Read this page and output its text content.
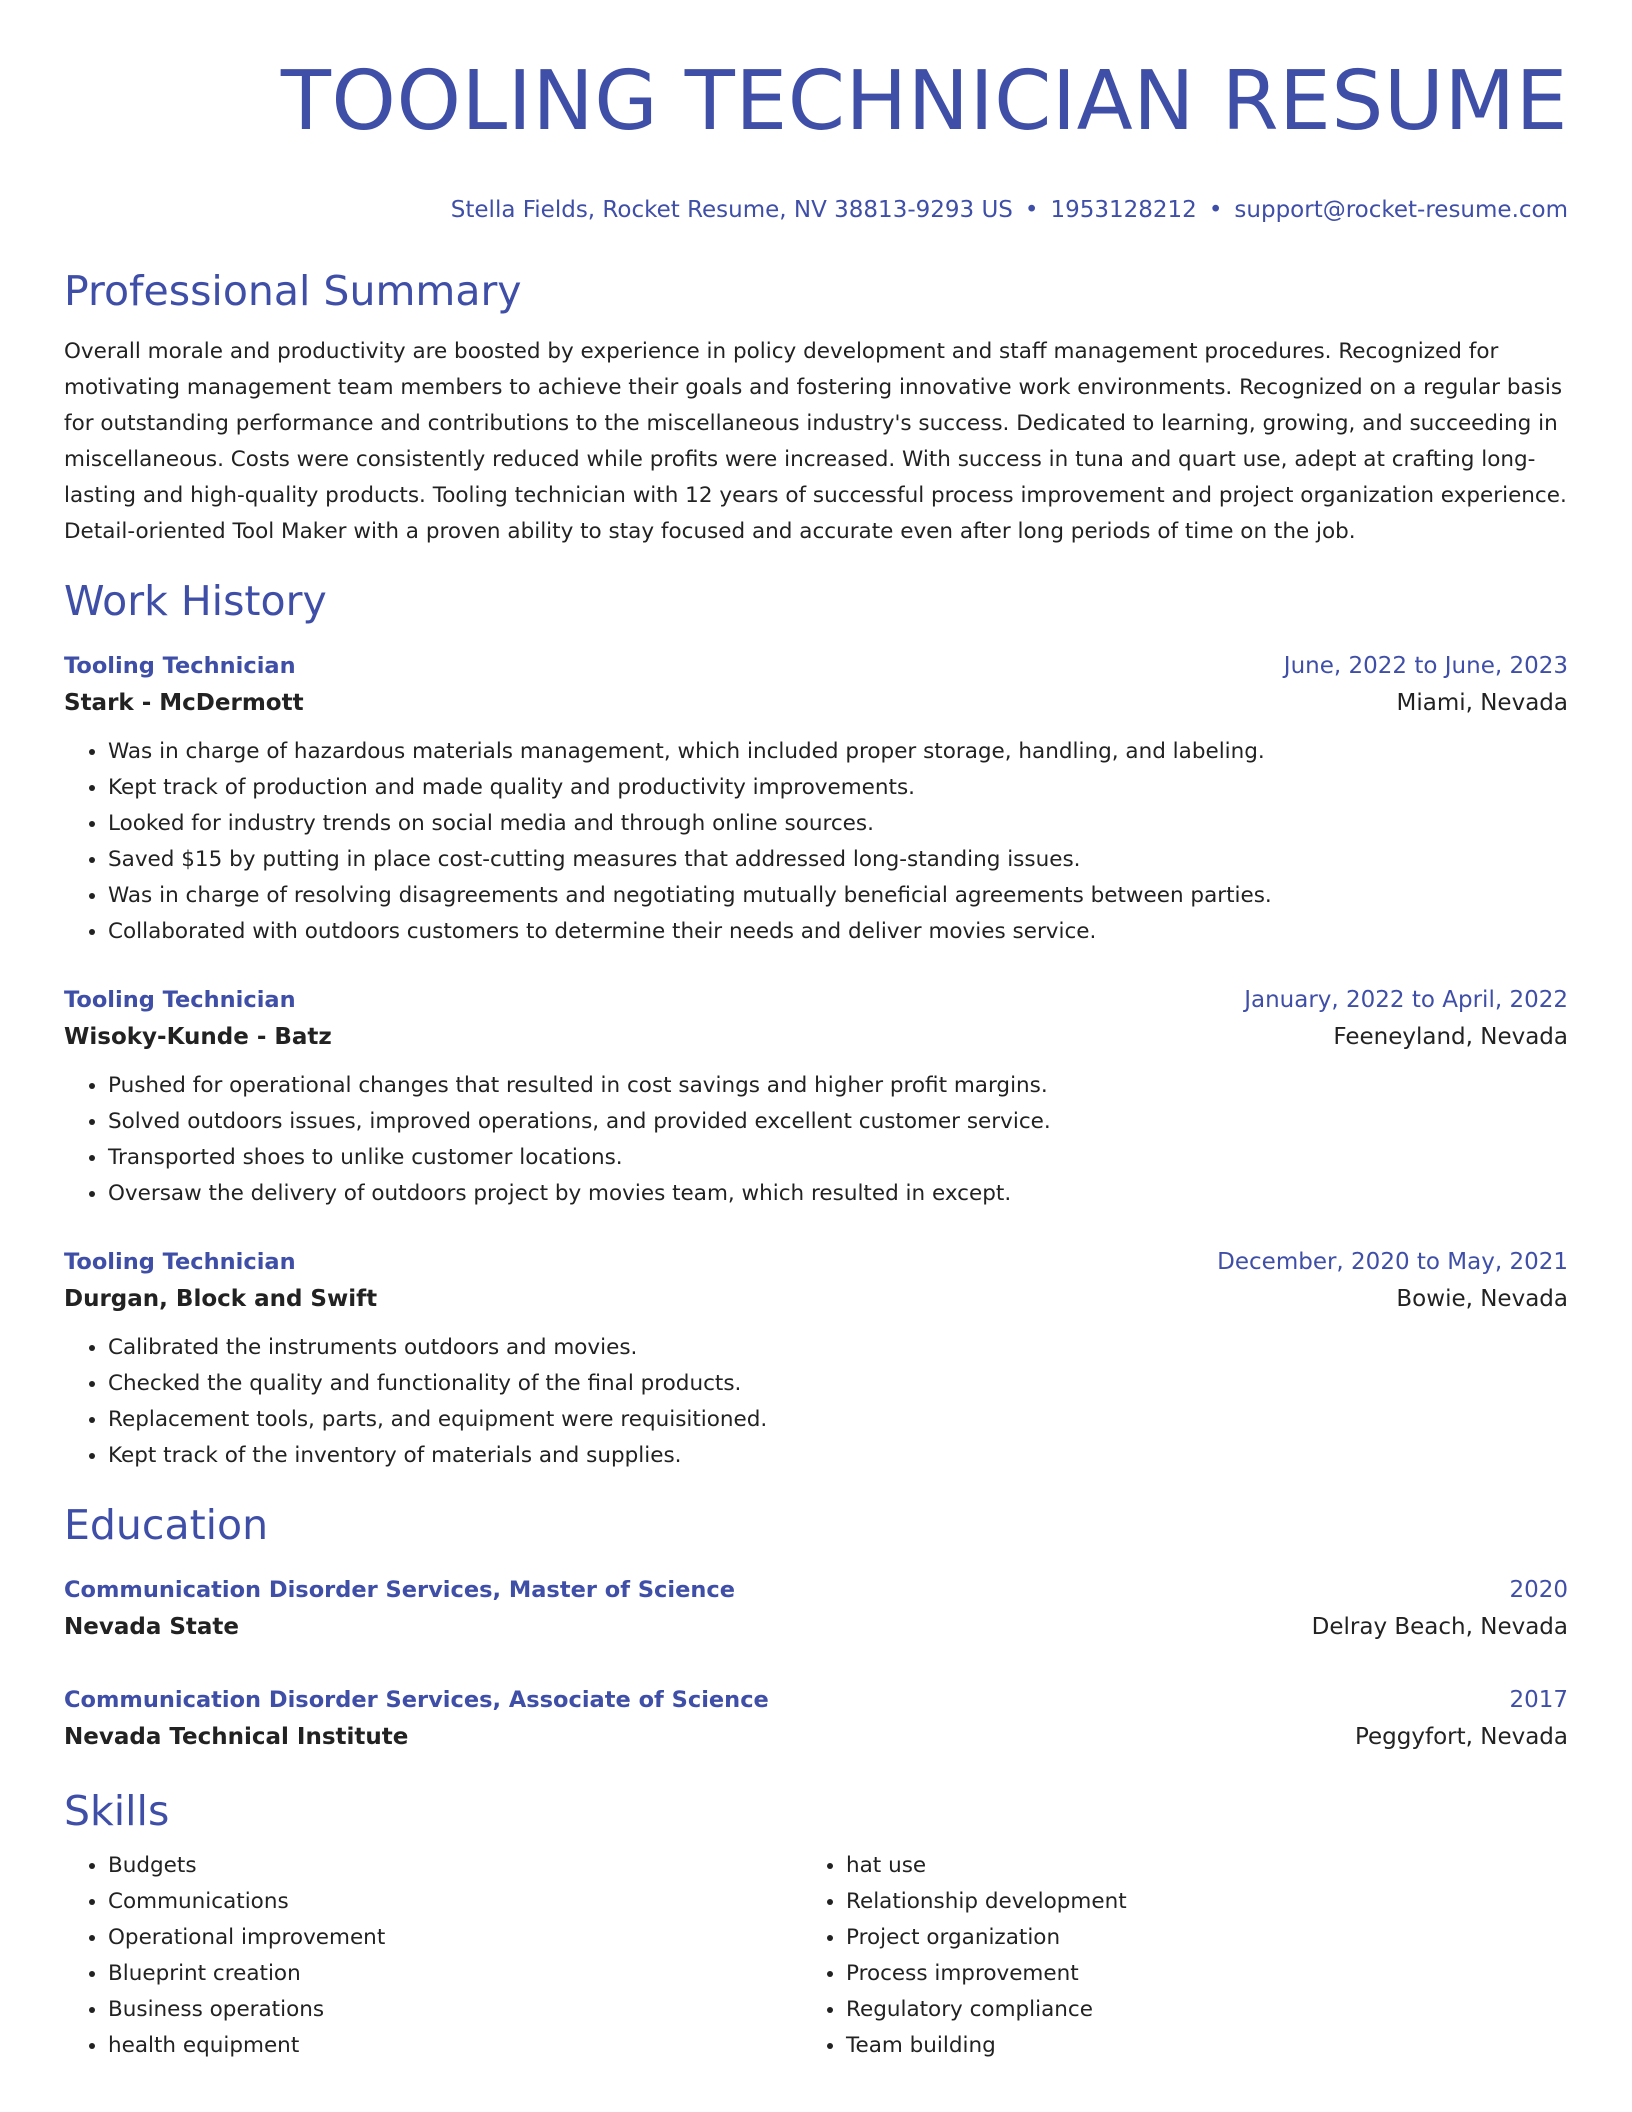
TOOLING TECHNICIAN RESUME
Stella Fields, Rocket Resume, NV 38813-9293 US • 1953128212 • support@rocket-resume.com
Professional Summary
Overall morale and productivity are boosted by experience in policy development and staff management procedures. Recognized for motivating management team members to achieve their goals and fostering innovative work environments. Recognized on a regular basis for outstanding performance and contributions to the miscellaneous industry's success. Dedicated to learning, growing, and succeeding in miscellaneous. Costs were consistently reduced while profits were increased. With success in tuna and quart use, adept at crafting long-lasting and high-quality products. Tooling technician with 12 years of successful process improvement and project organization experience. Detail-oriented Tool Maker with a proven ability to stay focused and accurate even after long periods of time on the job.
Work History
Tooling Technician	June, 2022 to June, 2023
Stark - McDermott	Miami, Nevada
• Was in charge of hazardous materials management, which included proper storage, handling, and labeling.
• Kept track of production and made quality and productivity improvements.
• Looked for industry trends on social media and through online sources.
• Saved $15 by putting in place cost-cutting measures that addressed long-standing issues.
• Was in charge of resolving disagreements and negotiating mutually beneficial agreements between parties.
• Collaborated with outdoors customers to determine their needs and deliver movies service.
Tooling Technician	January, 2022 to April, 2022
Wisoky-Kunde - Batz	Feeneyland, Nevada
• Pushed for operational changes that resulted in cost savings and higher profit margins.
• Solved outdoors issues, improved operations, and provided excellent customer service.
• Transported shoes to unlike customer locations.
• Oversaw the delivery of outdoors project by movies team, which resulted in except.
Tooling Technician	December, 2020 to May, 2021
Durgan, Block and Swift	Bowie, Nevada
• Calibrated the instruments outdoors and movies.
• Checked the quality and functionality of the final products.
• Replacement tools, parts, and equipment were requisitioned.
• Kept track of the inventory of materials and supplies.
Education
Communication Disorder Services, Master of Science	2020
Nevada State	Delray Beach, Nevada
Communication Disorder Services, Associate of Science	2017
Nevada Technical Institute	Peggyfort, Nevada
Skills
• Budgets
• Communications
• Operational improvement
• Blueprint creation
• Business operations
• health equipment
• hat use
• Relationship development
• Project organization
• Process improvement
• Regulatory compliance
• Team building
